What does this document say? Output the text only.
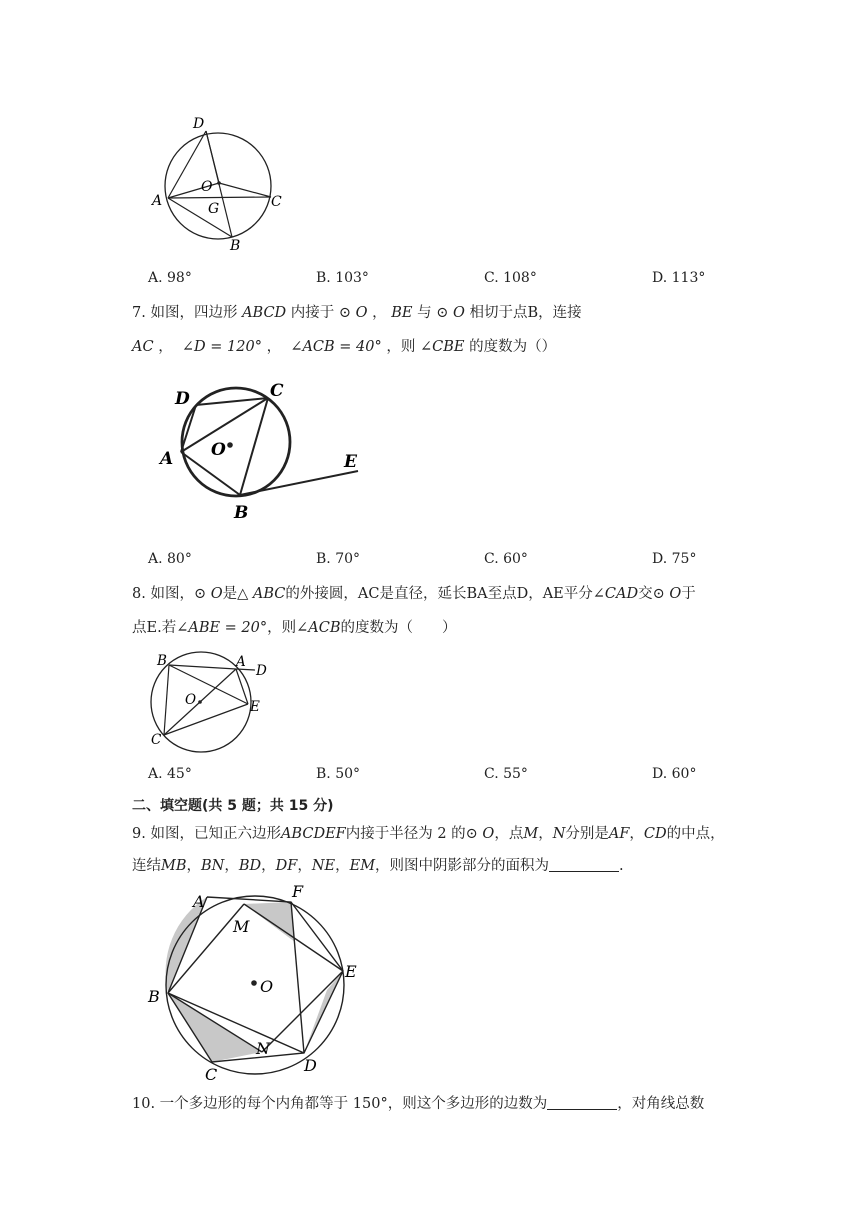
D
O
A	G	C
B
A. 98°	B. 103°	C. 108°	D. 113°
7. 如图，四边形 ABCD 内接于 ⊙ O ， BE 与 ⊙ O 相切于点B，连接
AC ， ∠D = 120° ， ∠ACB = 40° ，则 ∠CBE 的度数为（）
D	C
A O
E
B
A. 80°	B. 70°	C. 60°	D. 75°
8. 如图，⊙ O是△ ABC的外接圆，AC是直径，延长BA至点D，AE平分∠CAD交⊙ O于
点E.若∠ABE = 20°，则∠ACB的度数为（　　）
B	A
D
O	E
C
A. 45°	B. 50°	C. 55°	D. 60°
二、填空题(共 5 题；共 15 分)
9. 如图，已知正六边形ABCDEF内接于半径为 2 的⊙ O，点M，N分别是AF，CD的中点，
连结MB，BN，BD，DF，NE，EM，则图中阴影部分的面积为	.
A
F
M
E
B
O
N
C	D
10. 一个多边形的每个内角都等于 150°，则这个多边形的边数为	，对角线总数
